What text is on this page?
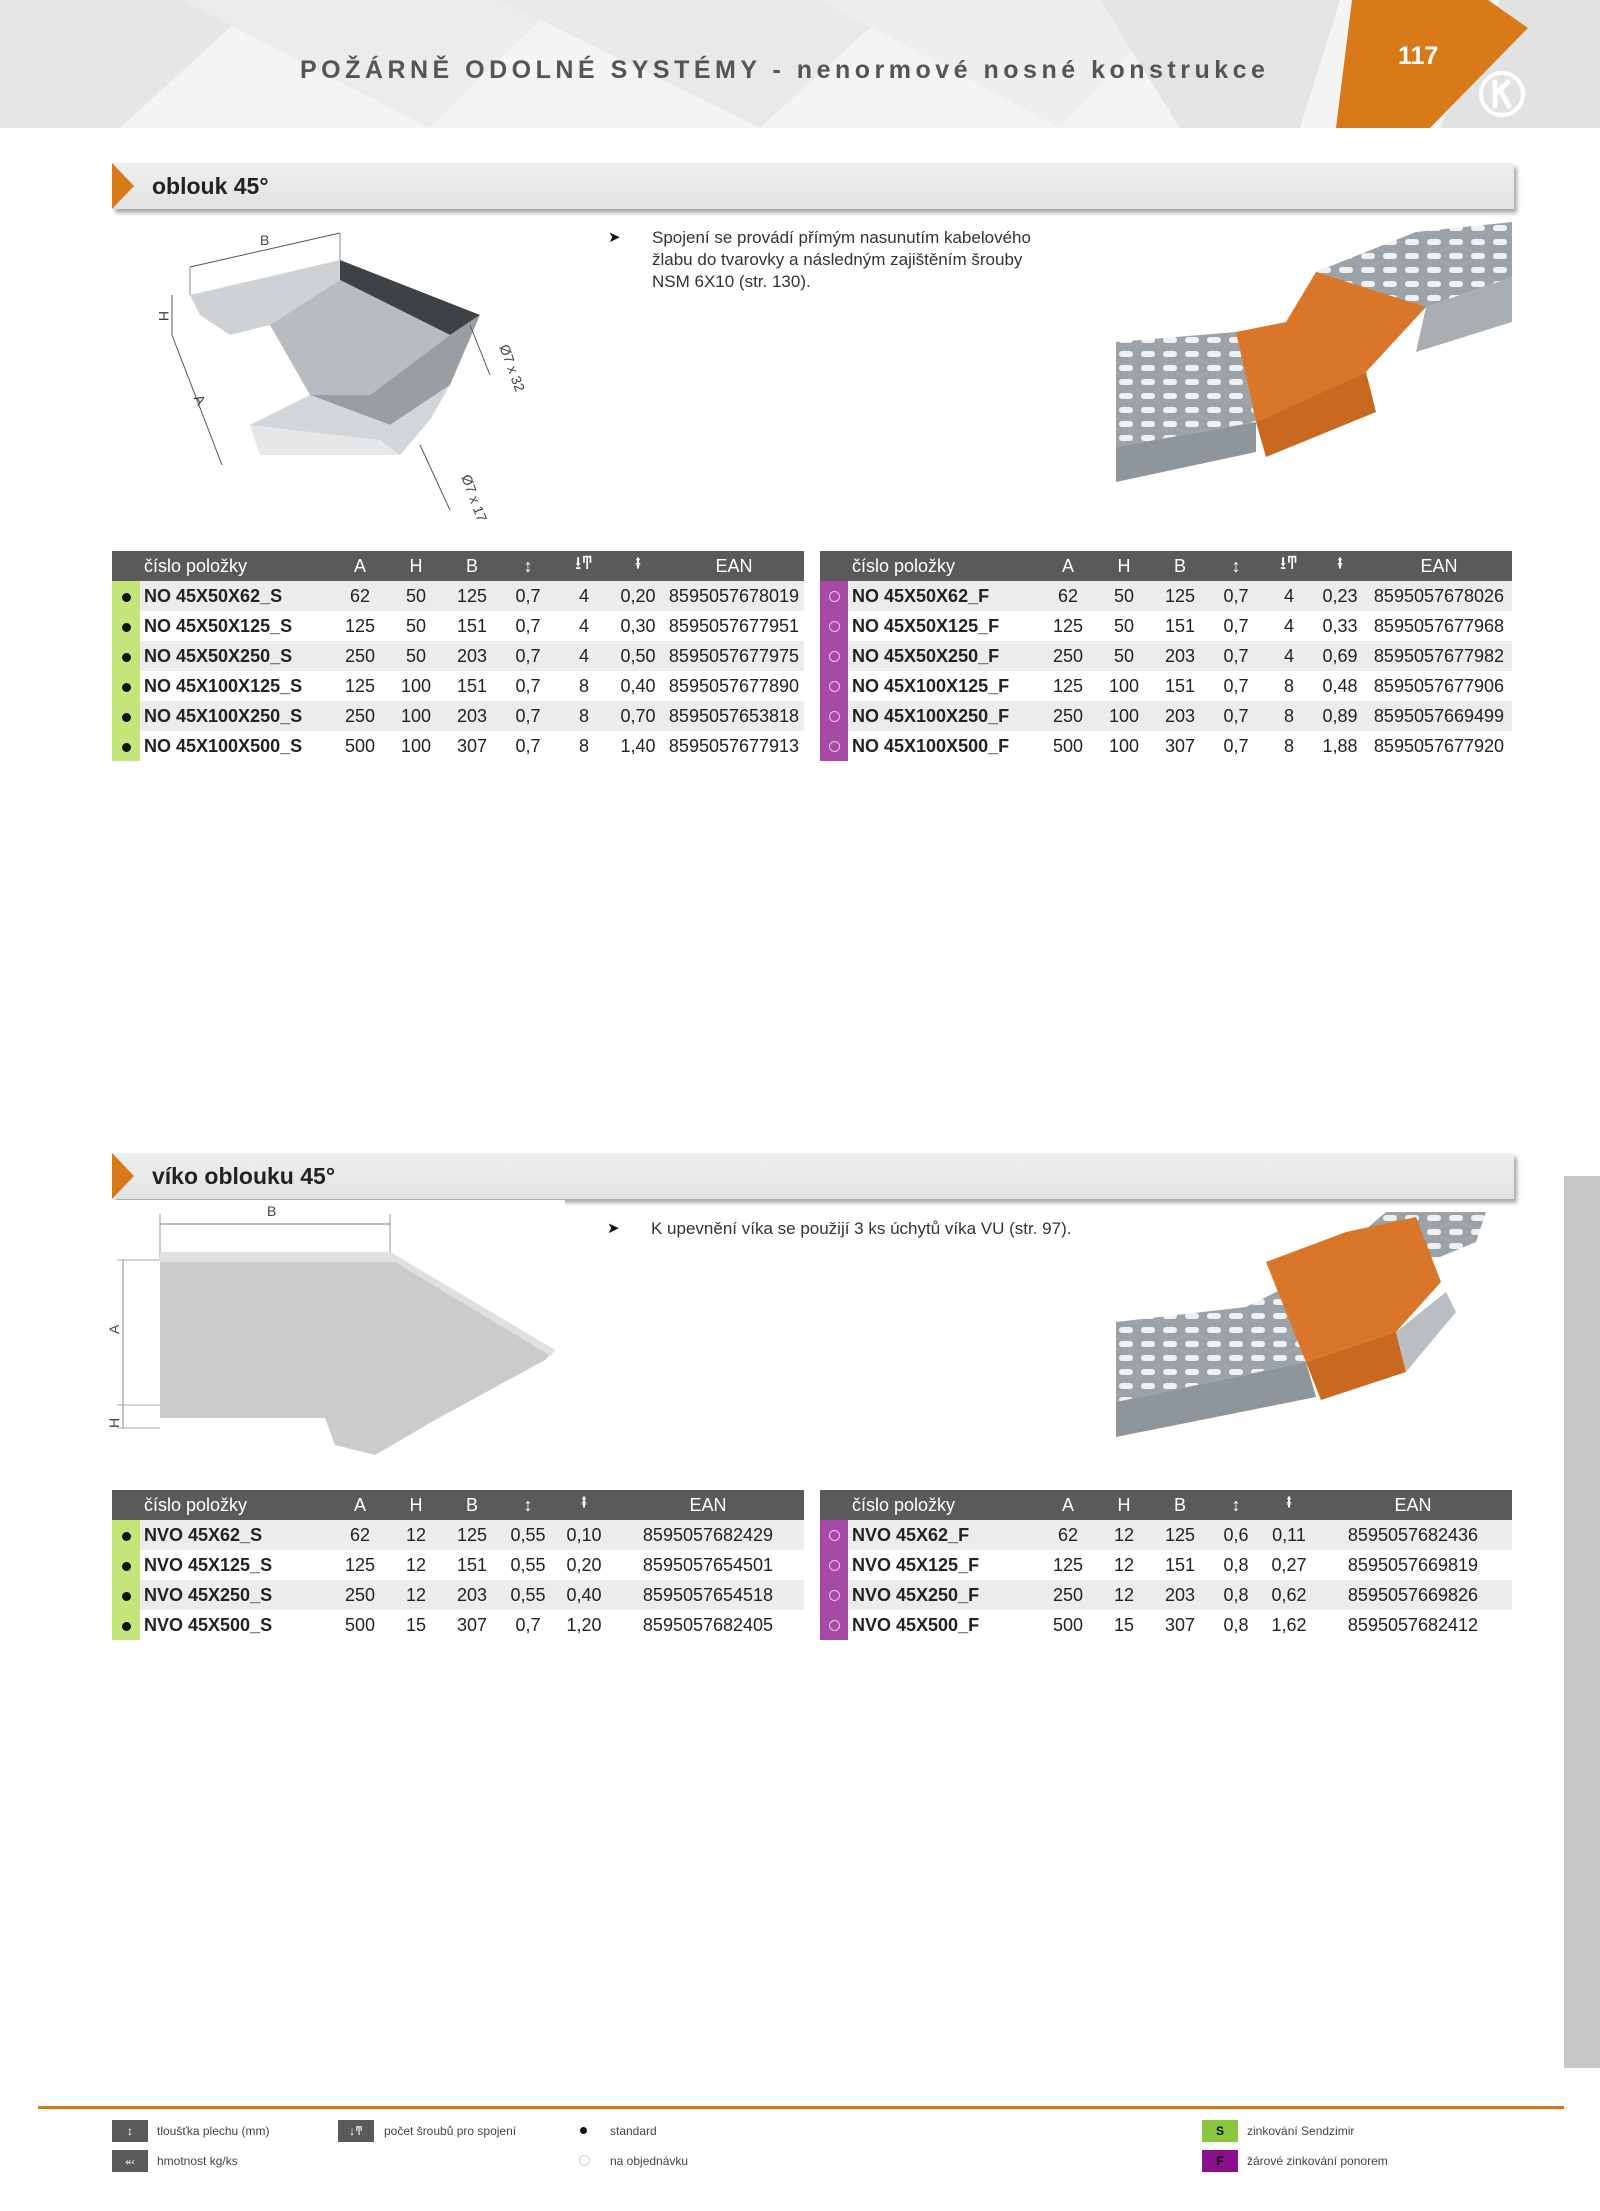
POŽÁRNĚ ODOLNÉ SYSTÉMY - nenormové nosné konstrukce	117
oblouk 45°
B
H
A
Ø7 x 32
Ø7 x 17
➤ Spojení se provádí přímým nasunutím kabelového
žlabu do tvarovky a následným zajištěním šrouby
NSM 6X10 (str. 130).
	číslo položky	A	H	B	↕	⭳ͳ	⭻	EAN
	NO 45X50X62_S	62	50	125	0,7	4	0,20	8595057678019
	NO 45X50X125_S	125	50	151	0,7	4	0,30	8595057677951
	NO 45X50X250_S	250	50	203	0,7	4	0,50	8595057677975
	NO 45X100X125_S	125	100	151	0,7	8	0,40	8595057677890
	NO 45X100X250_S	250	100	203	0,7	8	0,70	8595057653818
	NO 45X100X500_S	500	100	307	0,7	8	1,40	8595057677913
	číslo položky	A	H	B	↕	⭳ͳ	⭻	EAN
	NO 45X50X62_F	62	50	125	0,7	4	0,23	8595057678026
	NO 45X50X125_F	125	50	151	0,7	4	0,33	8595057677968
	NO 45X50X250_F	250	50	203	0,7	4	0,69	8595057677982
	NO 45X100X125_F	125	100	151	0,7	8	0,48	8595057677906
	NO 45X100X250_F	250	100	203	0,7	8	0,89	8595057669499
	NO 45X100X500_F	500	100	307	0,7	8	1,88	8595057677920
víko oblouku 45°
B
A
H
➤ K upevnění víka se použijí 3 ks úchytů víka VU (str. 97).
	číslo položky	A	H	B	↕	⭻	EAN
	NVO 45X62_S	62	12	125	0,55	0,10	8595057682429
	NVO 45X125_S	125	12	151	0,55	0,20	8595057654501
	NVO 45X250_S	250	12	203	0,55	0,40	8595057654518
	NVO 45X500_S	500	15	307	0,7	1,20	8595057682405
	číslo položky	A	H	B	↕	⭻	EAN
	NVO 45X62_F	62	12	125	0,6	0,11	8595057682436
	NVO 45X125_F	125	12	151	0,8	0,27	8595057669819
	NVO 45X250_F	250	12	203	0,8	0,62	8595057669826
	NVO 45X500_F	500	15	307	0,8	1,62	8595057682412
↕	tloušťka plechu (mm)	↓ͳ	počet šroubů pro spojení	standard	S	zinkování Sendzimir
⬻	hmotnost kg/ks	na objednávku	F	žárové zinkování ponorem
